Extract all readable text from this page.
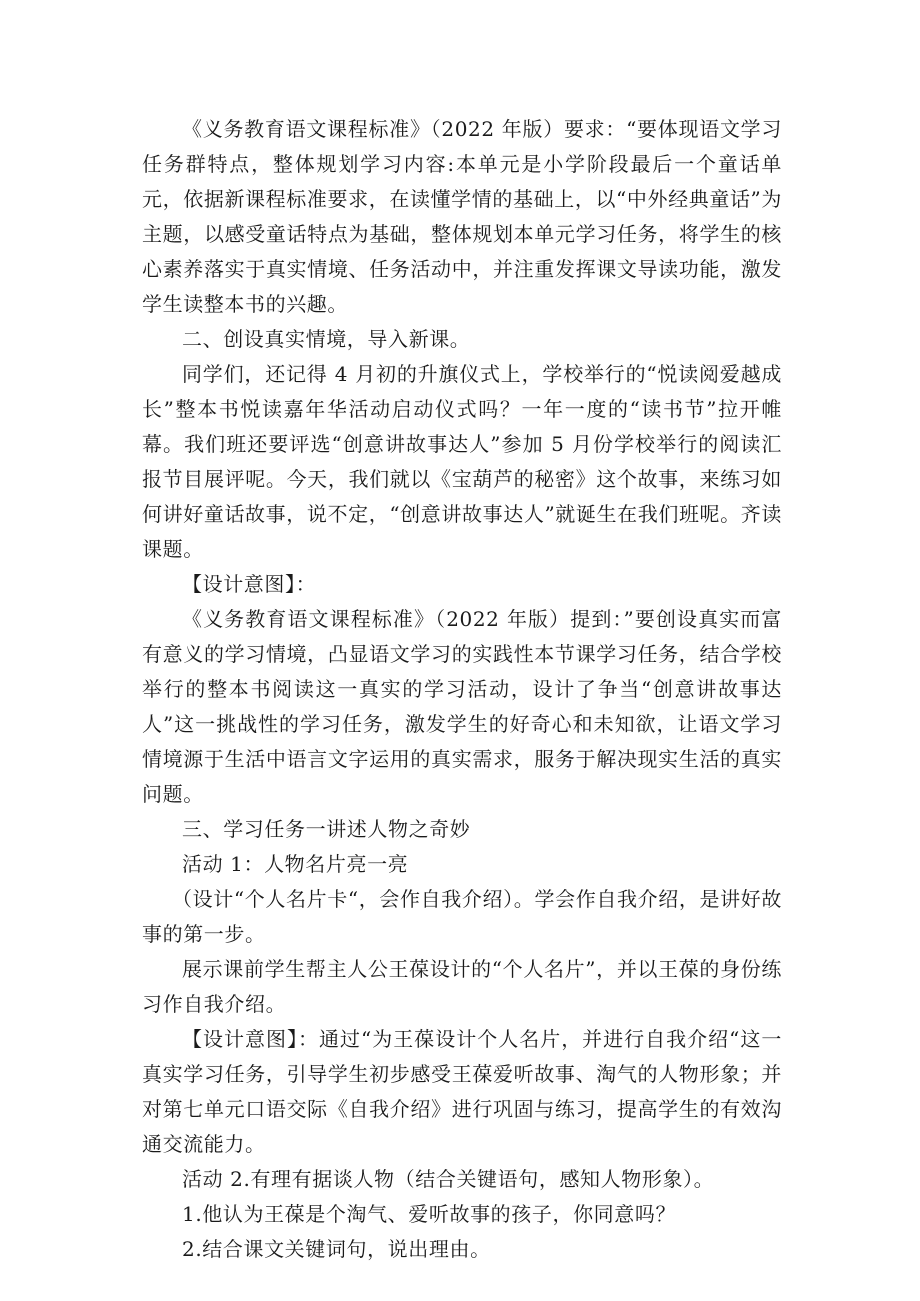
《义务教育语文课程标准》（2022 年版）要求：“要体现语文学习任务群特点，整体规划学习内容:本单元是小学阶段最后一个童话单元，依据新课程标准要求，在读懂学情的基础上，以“中外经典童话”为主题，以感受童话特点为基础，整体规划本单元学习任务，将学生的核心素养落实于真实情境、任务活动中，并注重发挥课文导读功能，激发学生读整本书的兴趣。

二、创设真实情境，导入新课。

同学们，还记得 4 月初的升旗仪式上，学校举行的“悦读阅爱越成长”整本书悦读嘉年华活动启动仪式吗？一年一度的“读书节”拉开帷幕。我们班还要评选“创意讲故事达人”参加 5 月份学校举行的阅读汇报节目展评呢。今天，我们就以《宝葫芦的秘密》这个故事，来练习如何讲好童话故事，说不定，“创意讲故事达人”就诞生在我们班呢。齐读课题。

【设计意图】：

《义务教育语文课程标准》（2022 年版）提到：”要创设真实而富有意义的学习情境，凸显语文学习的实践性本节课学习任务，结合学校举行的整本书阅读这一真实的学习活动，设计了争当“创意讲故事达人”这一挑战性的学习任务，激发学生的好奇心和未知欲，让语文学习情境源于生活中语言文字运用的真实需求，服务于解决现实生活的真实问题。

三、学习任务一讲述人物之奇妙

活动 1：人物名片亮一亮

（设计“个人名片卡“，会作自我介绍）。学会作自我介绍，是讲好故事的第一步。

展示课前学生帮主人公王葆设计的“个人名片”，并以王葆的身份练习作自我介绍。

【设计意图】：通过“为王葆设计个人名片，并进行自我介绍“这一真实学习任务，引导学生初步感受王葆爱听故事、淘气的人物形象；并对第七单元口语交际《自我介绍》进行巩固与练习，提高学生的有效沟通交流能力。

活动 2.有理有据谈人物（结合关键语句，感知人物形象）。

1.他认为王葆是个淘气、爱听故事的孩子，你同意吗？

2.结合课文关键词句，说出理由。
